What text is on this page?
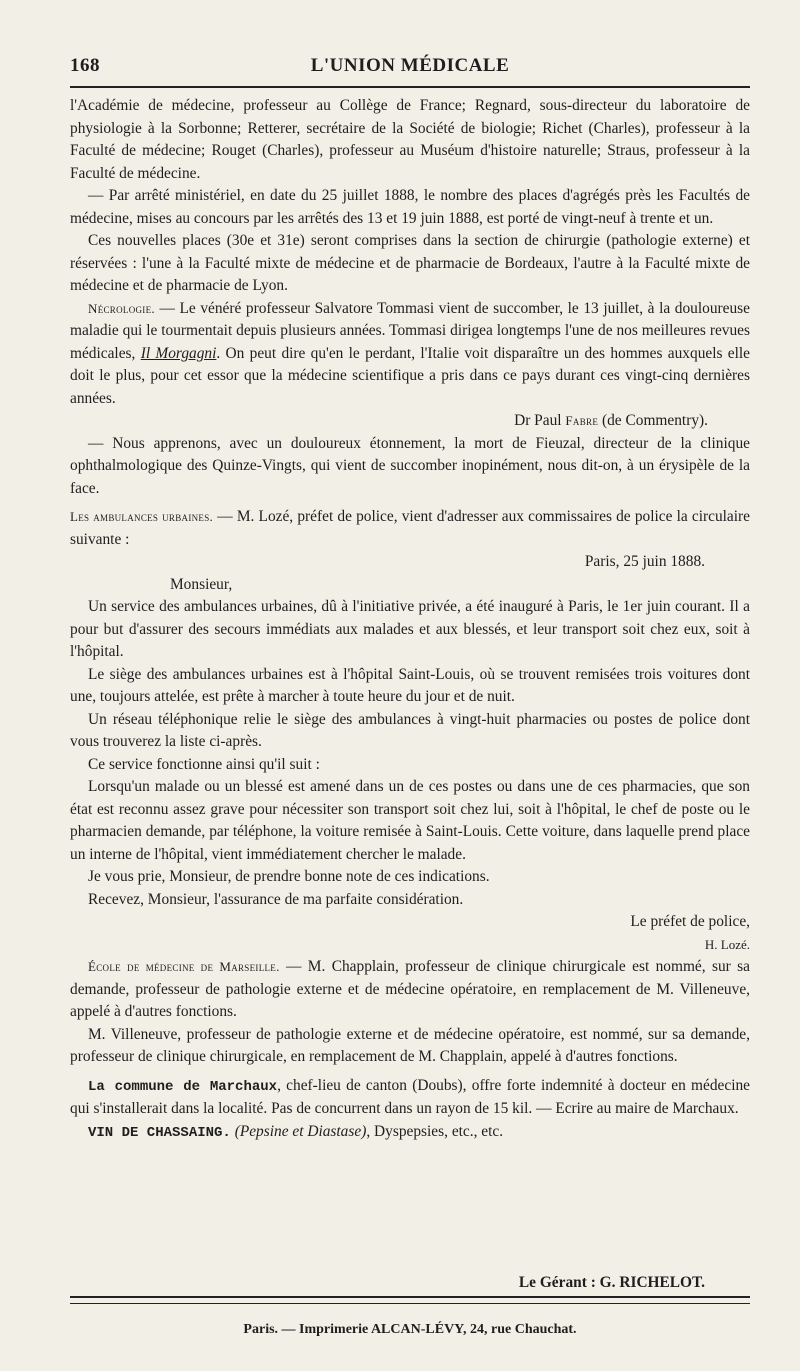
168	L'UNION MÉDICALE

l'Académie de médecine, professeur au Collège de France; Regnard, sous-directeur du laboratoire de physiologie à la Sorbonne; Retterer, secrétaire de la Société de biologie; Richet (Charles), professeur à la Faculté de médecine; Rouget (Charles), professeur au Muséum d'histoire naturelle; Straus, professeur à la Faculté de médecine.

— Par arrêté ministériel, en date du 25 juillet 1888, le nombre des places d'agrégés près les Facultés de médecine, mises au concours par les arrêtés des 13 et 19 juin 1888, est porté de vingt-neuf à trente et un.

Ces nouvelles places (30e et 31e) seront comprises dans la section de chirurgie (pathologie externe) et réservées : l'une à la Faculté mixte de médecine et de pharmacie de Bordeaux, l'autre à la Faculté mixte de médecine et de pharmacie de Lyon.

Nécrologie. — Le vénéré professeur Salvatore Tommasi vient de succomber, le 13 juillet, à la douloureuse maladie qui le tourmentait depuis plusieurs années. Tommasi dirigea longtemps l'une de nos meilleures revues médicales, Il Morgagni. On peut dire qu'en le perdant, l'Italie voit disparaître un des hommes auxquels elle doit le plus, pour cet essor que la médecine scientifique a pris dans ce pays durant ces vingt-cinq dernières années.

Dr Paul Fabre (de Commentry).

— Nous apprenons, avec un douloureux étonnement, la mort de Fieuzal, directeur de la clinique ophthalmologique des Quinze-Vingts, qui vient de succomber inopinément, nous dit-on, à un érysipèle de la face.

Les ambulances urbaines. — M. Lozé, préfet de police, vient d'adresser aux commissaires de police la circulaire suivante :

Paris, 25 juin 1888.

Monsieur,

Un service des ambulances urbaines, dû à l'initiative privée, a été inauguré à Paris, le 1er juin courant. Il a pour but d'assurer des secours immédiats aux malades et aux blessés, et leur transport soit chez eux, soit à l'hôpital.

Le siège des ambulances urbaines est à l'hôpital Saint-Louis, où se trouvent remisées trois voitures dont une, toujours attelée, est prête à marcher à toute heure du jour et de nuit.

Un réseau téléphonique relie le siège des ambulances à vingt-huit pharmacies ou postes de police dont vous trouverez la liste ci-après.

Ce service fonctionne ainsi qu'il suit :

Lorsqu'un malade ou un blessé est amené dans un de ces postes ou dans une de ces pharmacies, que son état est reconnu assez grave pour nécessiter son transport soit chez lui, soit à l'hôpital, le chef de poste ou le pharmacien demande, par téléphone, la voiture remisée à Saint-Louis. Cette voiture, dans laquelle prend place un interne de l'hôpital, vient immédiatement chercher le malade.

Je vous prie, Monsieur, de prendre bonne note de ces indications.

Recevez, Monsieur, l'assurance de ma parfaite considération.

Le préfet de police,

H. Lozé.

École de médecine de Marseille. — M. Chapplain, professeur de clinique chirurgicale est nommé, sur sa demande, professeur de pathologie externe et de médecine opératoire, en remplacement de M. Villeneuve, appelé à d'autres fonctions.

M. Villeneuve, professeur de pathologie externe et de médecine opératoire, est nommé, sur sa demande, professeur de clinique chirurgicale, en remplacement de M. Chapplain, appelé à d'autres fonctions.

La commune de Marchaux, chef-lieu de canton (Doubs), offre forte indemnité à docteur en médecine qui s'installerait dans la localité. Pas de concurrent dans un rayon de 15 kil. — Ecrire au maire de Marchaux.

VIN DE CHASSAING. (Pepsine et Diastase), Dyspepsies, etc., etc.

Le Gérant : G. RICHELOT.
Paris. — Imprimerie ALCAN-LÉVY, 24, rue Chauchat.
